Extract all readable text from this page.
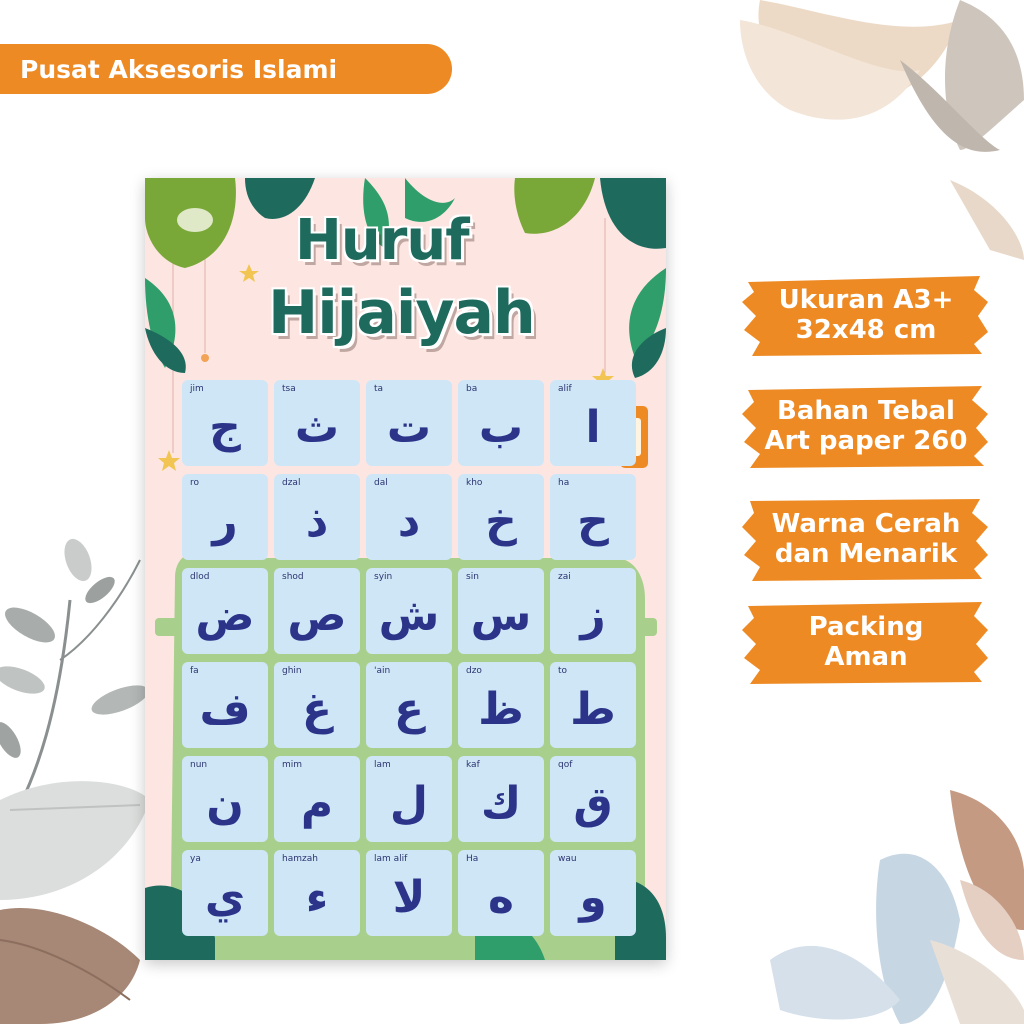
Pusat Aksesoris Islami
Huruf
Hijaiyah
jim
ج
tsa
ث
ta
ت
ba
ب
alif
ا
ro
ر
dzal
ذ
dal
د
kho
خ
ha
ح
dlod
ض
shod
ص
syin
ش
sin
س
zai
ز
fa
ف
ghin
غ
'ain
ع
dzo
ظ
to
ط
nun
ن
mim
م
lam
ل
kaf
ك
qof
ق
ya
ي
hamzah
ء
lam alif
لا
Ha
ه
wau
و
Ukuran A3+
32x48 cm
Bahan Tebal
Art paper 260
Warna Cerah
dan Menarik
Packing
Aman
